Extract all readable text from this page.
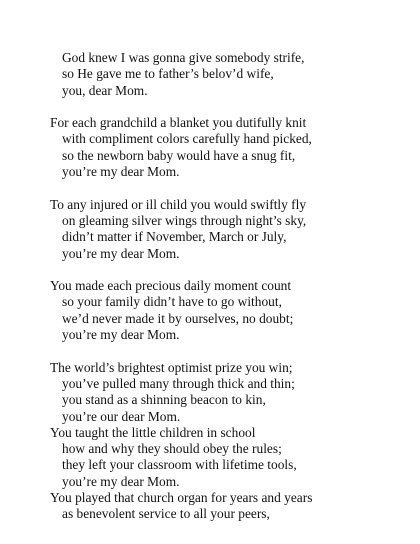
God knew I was gonna give somebody strife,
so He gave me to father’s belov’d wife,
you, dear Mom.
For each grandchild a blanket you dutifully knit
with compliment colors carefully hand picked,
so the newborn baby would have a snug fit,
you’re my dear Mom.
To any injured or ill child you would swiftly fly
on gleaming silver wings through night’s sky,
didn’t matter if November, March or July,
you’re my dear Mom.
You made each precious daily moment count
so your family didn’t have to go without,
we’d never made it by ourselves, no doubt;
you’re my dear Mom.
The world’s brightest optimist prize you win;
you’ve pulled many through thick and thin;
you stand as a shinning beacon to kin,
you’re our dear Mom.
You taught the little children in school
how and why they should obey the rules;
they left your classroom with lifetime tools,
you’re my dear Mom.
You played that church organ for years and years
as benevolent service to all your peers,
